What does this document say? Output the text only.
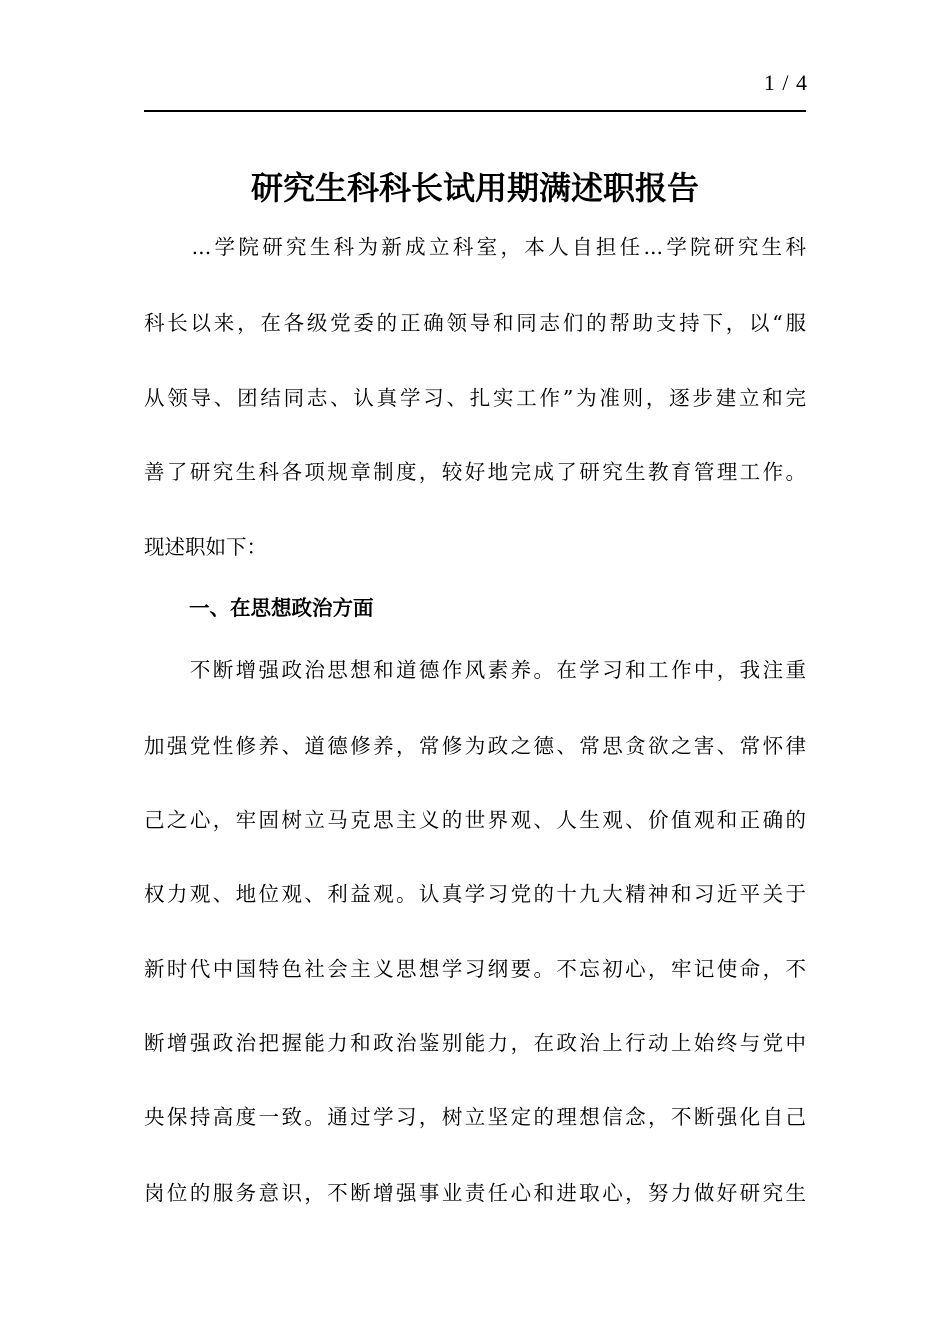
1 / 4
研究生科科长试用期满述职报告

　　...学院研究生科为新成立科室，本人自担任...学院研究生科

科长以来，在各级党委的正确领导和同志们的帮助支持下，以“服

从领导、团结同志、认真学习、扎实工作”为准则，逐步建立和完

善了研究生科各项规章制度，较好地完成了研究生教育管理工作。

现述职如下：

一、在思想政治方面

　　不断增强政治思想和道德作风素养。在学习和工作中，我注重

加强党性修养、道德修养，常修为政之德、常思贪欲之害、常怀律

己之心，牢固树立马克思主义的世界观、人生观、价值观和正确的

权力观、地位观、利益观。认真学习党的十九大精神和习近平关于

新时代中国特色社会主义思想学习纲要。不忘初心，牢记使命，不

断增强政治把握能力和政治鉴别能力，在政治上行动上始终与党中

央保持高度一致。通过学习，树立坚定的理想信念，不断强化自己

岗位的服务意识，不断增强事业责任心和进取心，努力做好研究生
